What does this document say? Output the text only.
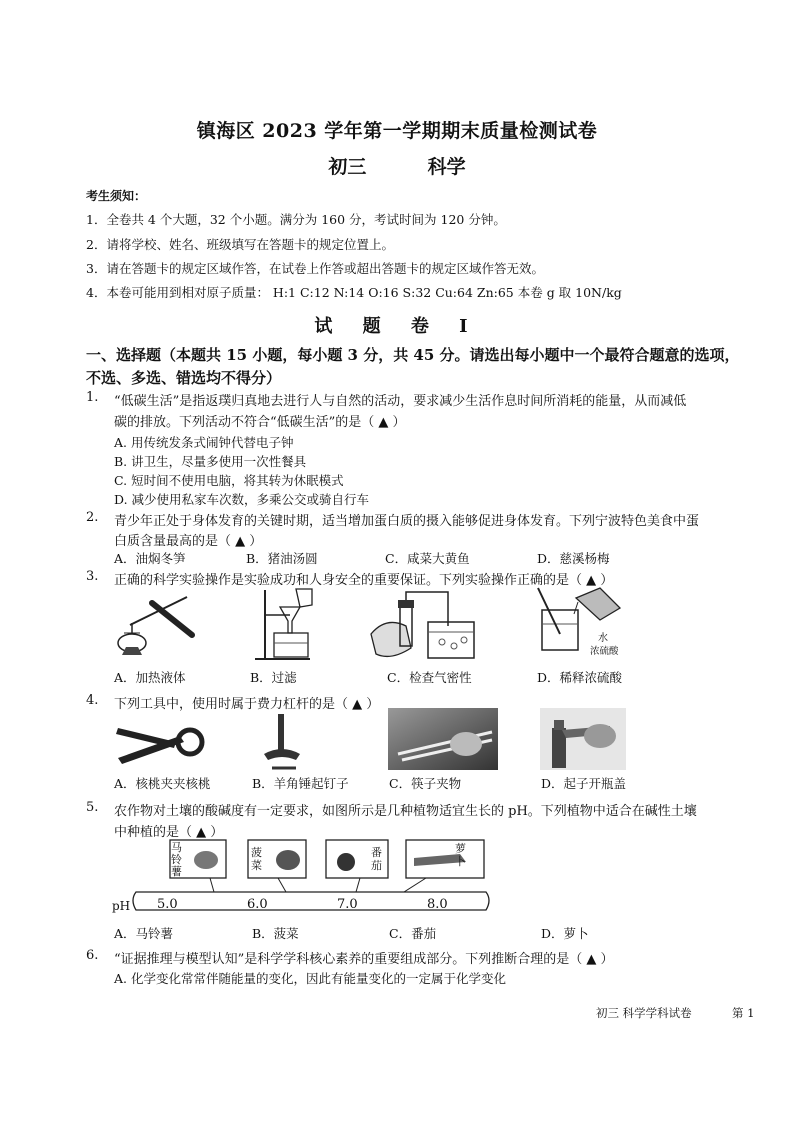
镇海区 2023 学年第一学期期末质量检测试卷
初三	科学
考生须知：
1．全卷共 4 个大题，32 个小题。满分为 160 分，考试时间为 120 分钟。
2．请将学校、姓名、班级填写在答题卡的规定位置上。
3．请在答题卡的规定区域作答，在试卷上作答或超出答题卡的规定区域作答无效。
4．本卷可能用到相对原子质量： H:1 C:12 N:14 O:16 S:32 Cu:64 Zn:65 本卷 g 取 10N/kg
试 题 卷 I
一、选择题（本题共 15 小题，每小题 3 分，共 45 分。请选出每小题中一个最符合题意的选项，
不选、多选、错选均不得分）
1. “低碳生活”是指返璞归真地去进行人与自然的活动，要求减少生活作息时间所消耗的能量，从而减低
碳的排放。下列活动不符合“低碳生活”的是（ ▲ ）
A. 用传统发条式闹钟代替电子钟
B. 讲卫生，尽量多使用一次性餐具
C. 短时间不使用电脑，将其转为休眠模式
D. 减少使用私家车次数，多乘公交或骑自行车
2. 青少年正处于身体发育的关键时期，适当增加蛋白质的摄入能够促进身体发育。下列宁波特色美食中蛋
白质含量最高的是（ ▲ ）
A．油焖冬笋	B．猪油汤圆	C．咸菜大黄鱼	D．慈溪杨梅
3. 正确的科学实验操作是实验成功和人身安全的重要保证。下列实验操作正确的是（ ▲ ）
水
浓硫酸
A．加热液体	B．过滤	C．检查气密性	D．稀释浓硫酸
4. 下列工具中，使用时属于费力杠杆的是（ ▲ ）
A．核桃夹夹核桃	B．羊角锤起钉子	C．筷子夹物	D．起子开瓶盖
5. 农作物对土壤的酸碱度有一定要求，如图所示是几种植物适宜生长的 pH。下列植物中适合在碱性土壤
中种植的是（ ▲ ）
马铃薯
菠菜
番茄
萝卜
pH 5.0	6.0	7.0	8.0
A．马铃薯	B．菠菜	C．番茄	D．萝卜
6. “证据推理与模型认知”是科学学科核心素养的重要组成部分。下列推断合理的是（ ▲ ）
A. 化学变化常常伴随能量的变化，因此有能量变化的一定属于化学变化
初三 科学学科试卷	第 1
